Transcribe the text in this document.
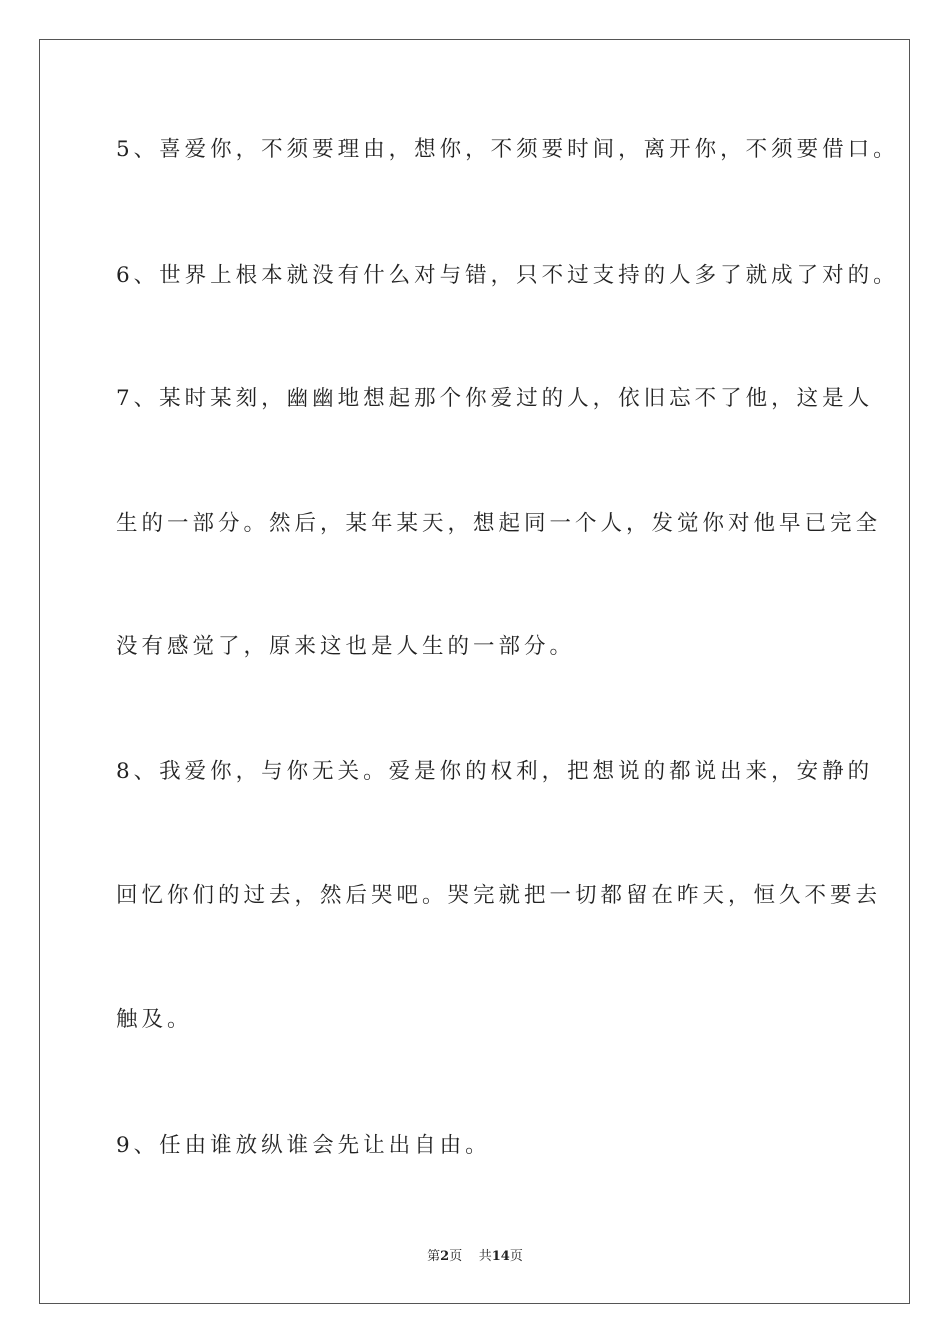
5、喜爱你，不须要理由，想你，不须要时间，离开你，不须要借口。
6、世界上根本就没有什么对与错，只不过支持的人多了就成了对的。
7、某时某刻，幽幽地想起那个你爱过的人，依旧忘不了他，这是人
生的一部分。然后，某年某天，想起同一个人，发觉你对他早已完全
没有感觉了，原来这也是人生的一部分。
8、我爱你，与你无关。爱是你的权利，把想说的都说出来，安静的
回忆你们的过去，然后哭吧。哭完就把一切都留在昨天，恒久不要去
触及。
9、任由谁放纵谁会先让出自由。
第2页 共14页
